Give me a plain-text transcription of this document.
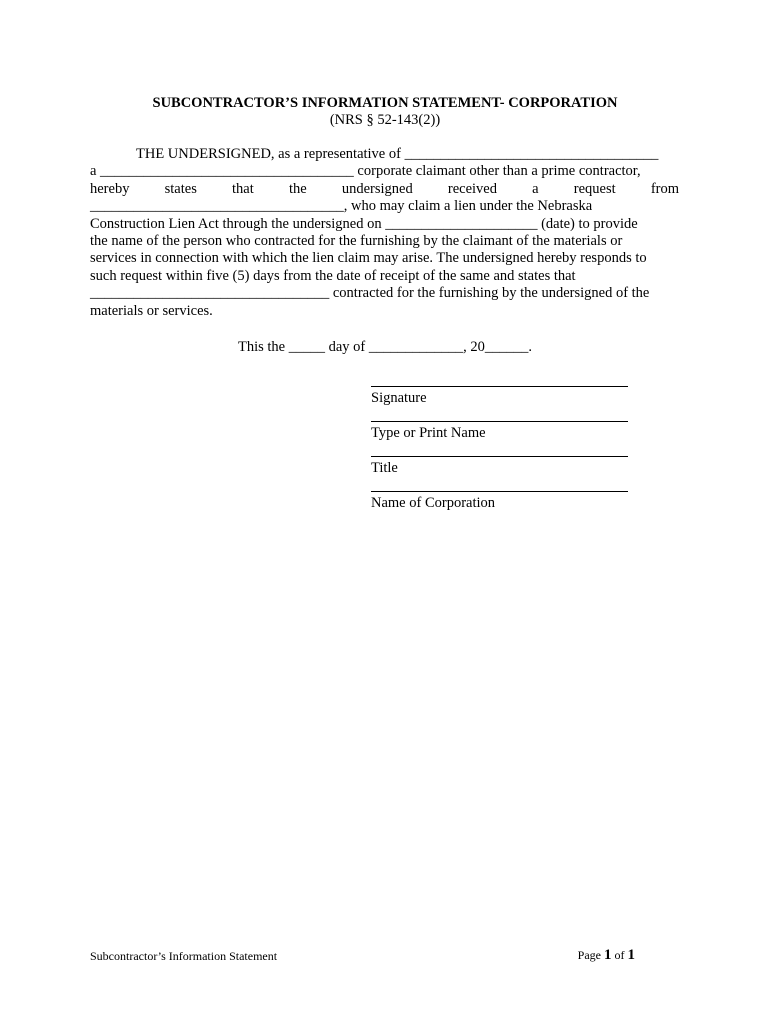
SUBCONTRACTOR’S INFORMATION STATEMENT- CORPORATION
(NRS § 52-143(2))
THE UNDERSIGNED, as a representative of ___________________________________
a ___________________________________ corporate claimant other than a prime contractor,
hereby states that the undersigned received a request from
___________________________________, who may claim a lien under the Nebraska
Construction Lien Act through the undersigned on _____________________ (date) to provide
the name of the person who contracted for the furnishing by the claimant of the materials or
services in connection with which the lien claim may arise. The undersigned hereby responds to
such request within five (5) days from the date of receipt of the same and states that
_________________________________ contracted for the furnishing by the undersigned of the
materials or services.
This the _____ day of _____________, 20______.
Signature
Type or Print Name
Title
Name of Corporation
Subcontractor’s Information Statement	Page 1 of 1
